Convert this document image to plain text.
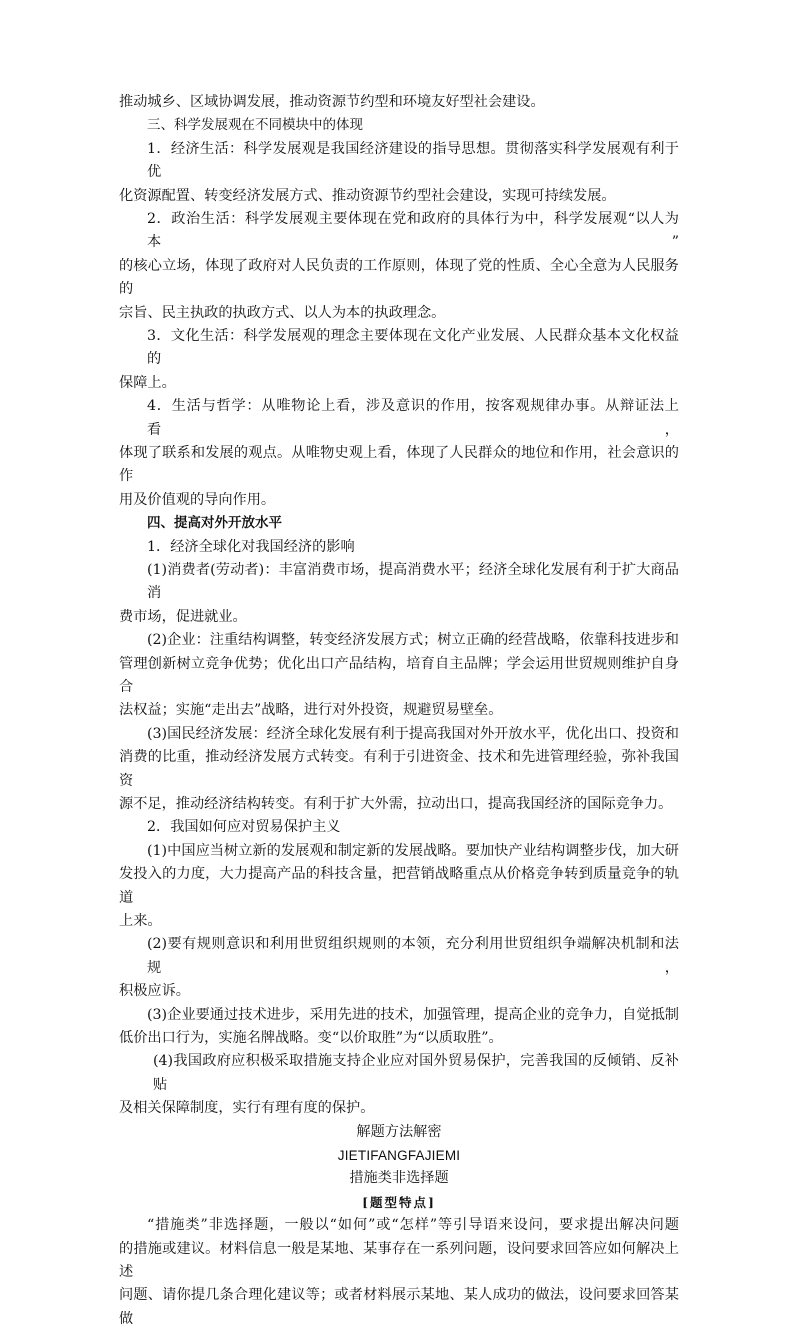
推动城乡、区域协调发展，推动资源节约型和环境友好型社会建设。
三、科学发展观在不同模块中的体现
1．经济生活：科学发展观是我国经济建设的指导思想。贯彻落实科学发展观有利于优
化资源配置、转变经济发展方式、推动资源节约型社会建设，实现可持续发展。
2．政治生活：科学发展观主要体现在党和政府的具体行为中，科学发展观“以人为本”
的核心立场，体现了政府对人民负责的工作原则，体现了党的性质、全心全意为人民服务的
宗旨、民主执政的执政方式、以人为本的执政理念。
3．文化生活：科学发展观的理念主要体现在文化产业发展、人民群众基本文化权益的
保障上。
4．生活与哲学：从唯物论上看，涉及意识的作用，按客观规律办事。从辩证法上看，
体现了联系和发展的观点。从唯物史观上看，体现了人民群众的地位和作用，社会意识的作
用及价值观的导向作用。
四、提高对外开放水平
1．经济全球化对我国经济的影响
(1)消费者(劳动者)：丰富消费市场，提高消费水平；经济全球化发展有利于扩大商品消
费市场，促进就业。
(2)企业：注重结构调整，转变经济发展方式；树立正确的经营战略，依靠科技进步和
管理创新树立竞争优势；优化出口产品结构，培育自主品牌；学会运用世贸规则维护自身合
法权益；实施“走出去”战略，进行对外投资，规避贸易壁垒。
(3)国民经济发展：经济全球化发展有利于提高我国对外开放水平，优化出口、投资和
消费的比重，推动经济发展方式转变。有利于引进资金、技术和先进管理经验，弥补我国资
源不足，推动经济结构转变。有利于扩大外需，拉动出口，提高我国经济的国际竞争力。
2．我国如何应对贸易保护主义
(1)中国应当树立新的发展观和制定新的发展战略。要加快产业结构调整步伐，加大研
发投入的力度，大力提高产品的科技含量，把营销战略重点从价格竞争转到质量竞争的轨道
上来。
(2)要有规则意识和利用世贸组织规则的本领，充分利用世贸组织争端解决机制和法规，
积极应诉。
(3)企业要通过技术进步，采用先进的技术，加强管理，提高企业的竞争力，自觉抵制
低价出口行为，实施名牌战略。变“以价取胜”为“以质取胜”。
(4)我国政府应积极采取措施支持企业应对国外贸易保护，完善我国的反倾销、反补贴
及相关保障制度，实行有理有度的保护。
解题方法解密
JIETIFANGFAJIEMI
措施类非选择题
[题型特点]
“措施类”非选择题，一般以“如何”或“怎样”等引导语来设问，要求提出解决问题
的措施或建议。材料信息一般是某地、某事存在一系列问题，设问要求回答应如何解决上述
问题、请你提几条合理化建议等；或者材料展示某地、某人成功的做法，设问要求回答某做
